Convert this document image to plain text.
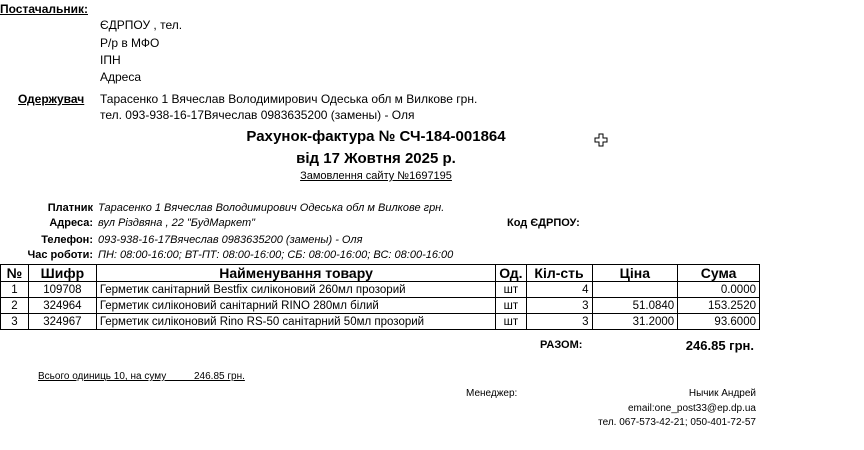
Постачальник:
ЄДРПОУ , тел.
Р/р в МФО
ІПН
Адреса
Одержувач Тарасенко 1 Вячеслав Володимирович Одеська обл м Вилкове грн.
тел. 093-938-16-17Вячеслав 0983635200 (замены) - Оля
Рахунок-фактура № СЧ-184-001864
від 17 Жовтня 2025 р.
Замовлення сайту №1697195
Платник Тарасенко 1 Вячеслав Володимирович Одеська обл м Вилкове грн.
Адреса: вул Різдвяна , 22 "БудМаркет"	Код ЄДРПОУ:
Телефон: 093-938-16-17Вячеслав 0983635200 (замены) - Оля
Час роботи: ПН: 08:00-16:00; ВТ-ПТ: 08:00-16:00; СБ: 08:00-16:00; ВС: 08:00-16:00
№	Шифр	Найменування товару	Од.	Кіл-сть	Ціна	Сума
1	109708	Герметик санітарний Bestfix силіконовий 260мл прозорий	шт	4		0.0000
2	324964	Герметик силіконовий санітарний RINO 280мл білий	шт	3	51.0840	153.2520
3	324967	Герметик силіконовий Rino RS-50 санітарний 50мл прозорий	шт	3	31.2000	93.6000
РАЗОМ:	246.85 грн.
Всього одиниць 10, на суму          246.85 грн.
Менеджер:	Нычик Андрей
email:one_post33@ep.dp.ua
тел. 067-573-42-21; 050-401-72-57
